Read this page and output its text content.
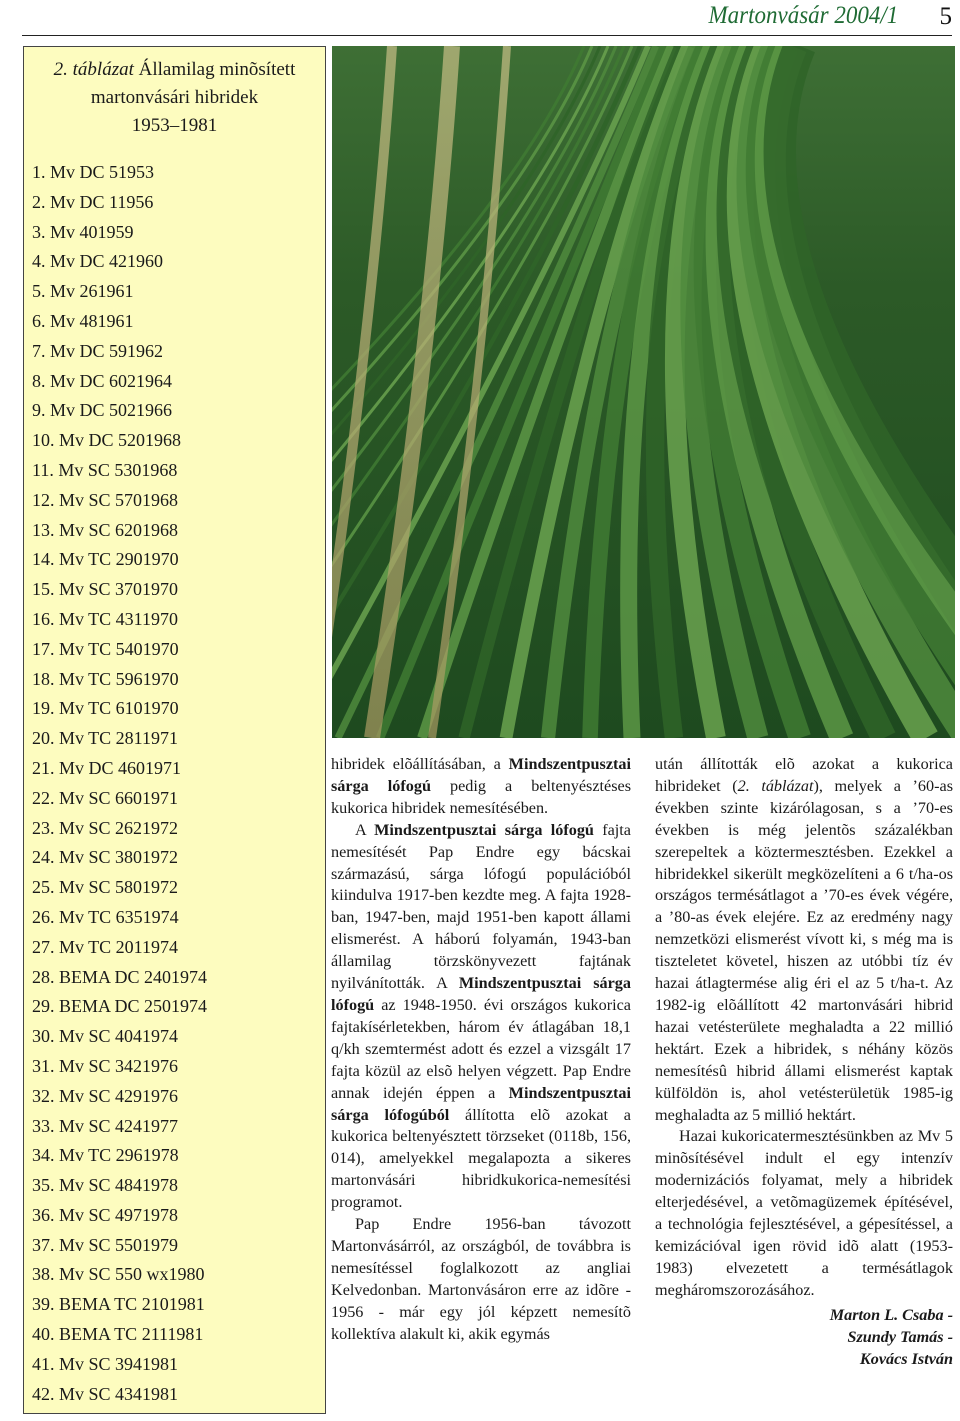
Martonvásár 2004/1 5
2. táblázat Államilag minõsített
martonvásári hibridek
1953–1981
1. Mv DC 51953
2. Mv DC 11956
3. Mv 401959
4. Mv DC 421960
5. Mv 261961
6. Mv 481961
7. Mv DC 591962
8. Mv DC 6021964
9. Mv DC 5021966
10. Mv DC 5201968
11. Mv SC 5301968
12. Mv SC 5701968
13. Mv SC 6201968
14. Mv TC 2901970
15. Mv SC 3701970
16. Mv TC 4311970
17. Mv TC 5401970
18. Mv TC 5961970
19. Mv TC 6101970
20. Mv TC 2811971
21. Mv DC 4601971
22. Mv SC 6601971
23. Mv SC 2621972
24. Mv SC 3801972
25. Mv SC 5801972
26. Mv TC 6351974
27. Mv TC 2011974
28. BEMA DC 2401974
29. BEMA DC 2501974
30. Mv SC 4041974
31. Mv SC 3421976
32. Mv SC 4291976
33. Mv SC 4241977
34. Mv TC 2961978
35. Mv SC 4841978
36. Mv SC 4971978
37. Mv SC 5501979
38. Mv SC 550 wx1980
39. BEMA TC 2101981
40. BEMA TC 2111981
41. Mv SC 3941981
42. Mv SC 4341981

hibridek elõállításában, a Mindszentpusztai sárga lófogú pedig a beltenyésztéses kukorica hibridek nemesítésében.

A Mindszentpusztai sárga lófogú fajta nemesítését Pap Endre egy bácskai származású, sárga lófogú populációból kiindulva 1917-ben kezdte meg. A fajta 1928-ban, 1947-ben, majd 1951-ben kapott állami elismerést. A háború folyamán, 1943-ban államilag törzskönyvezett fajtának nyilvánították. A Mindszentpusztai sárga lófogú az 1948-1950. évi országos kukorica fajtakísérletekben, három év átlagában 18,1 q/kh szemtermést adott és ezzel a vizsgált 17 fajta közül az elsõ helyen végzett. Pap Endre annak idején éppen a Mindszentpusztai sárga lófogúból állította elõ azokat a kukorica beltenyésztett törzseket (0118b, 156, 014), amelyekkel megalapozta a sikeres martonvásári hibridkukorica-nemesítési programot.

Pap Endre 1956-ban távozott Martonvásárról, az országból, de továbbra is nemesítéssel foglalkozott az angliai Kelvedonban. Martonvásáron erre az idõre - 1956 - már egy jól képzett nemesítõ kollektíva alakult ki, akik egymás

után állították elõ azokat a kukorica hibrideket (2. táblázat), melyek a ’60-as években szinte kizárólagosan, s a ’70-es években is még jelentõs százalékban szerepeltek a köztermesztésben. Ezekkel a hibridekkel sikerült megközelíteni a 6 t/ha-os országos termésátlagot a ’70-es évek végére, a ’80-as évek elejére. Ez az eredmény nagy nemzetközi elismerést vívott ki, s még ma is tiszteletet követel, hiszen az utóbbi tíz év hazai átlagtermése alig éri el az 5 t/ha-t. Az 1982-ig elõállított 42 martonvásári hibrid hazai vetésterülete meghaladta a 22 millió hektárt. Ezek a hibridek, s néhány közös nemesítésû hibrid állami elismerést kaptak külföldön is, ahol vetésterületük 1985-ig meghaladta az 5 millió hektárt.

Hazai kukoricatermesztésünkben az Mv 5 minõsítésével indult el egy intenzív modernizációs folyamat, mely a hibridek elterjedésével, a vetõmagüzemek építésével, a technológia fejlesztésével, a gépesítéssel, a kemizációval igen rövid idõ alatt (1953-1983) elvezetett a termésátlagok megháromszorozásához.

Marton L. Csaba -
Szundy Tamás -
Kovács István
